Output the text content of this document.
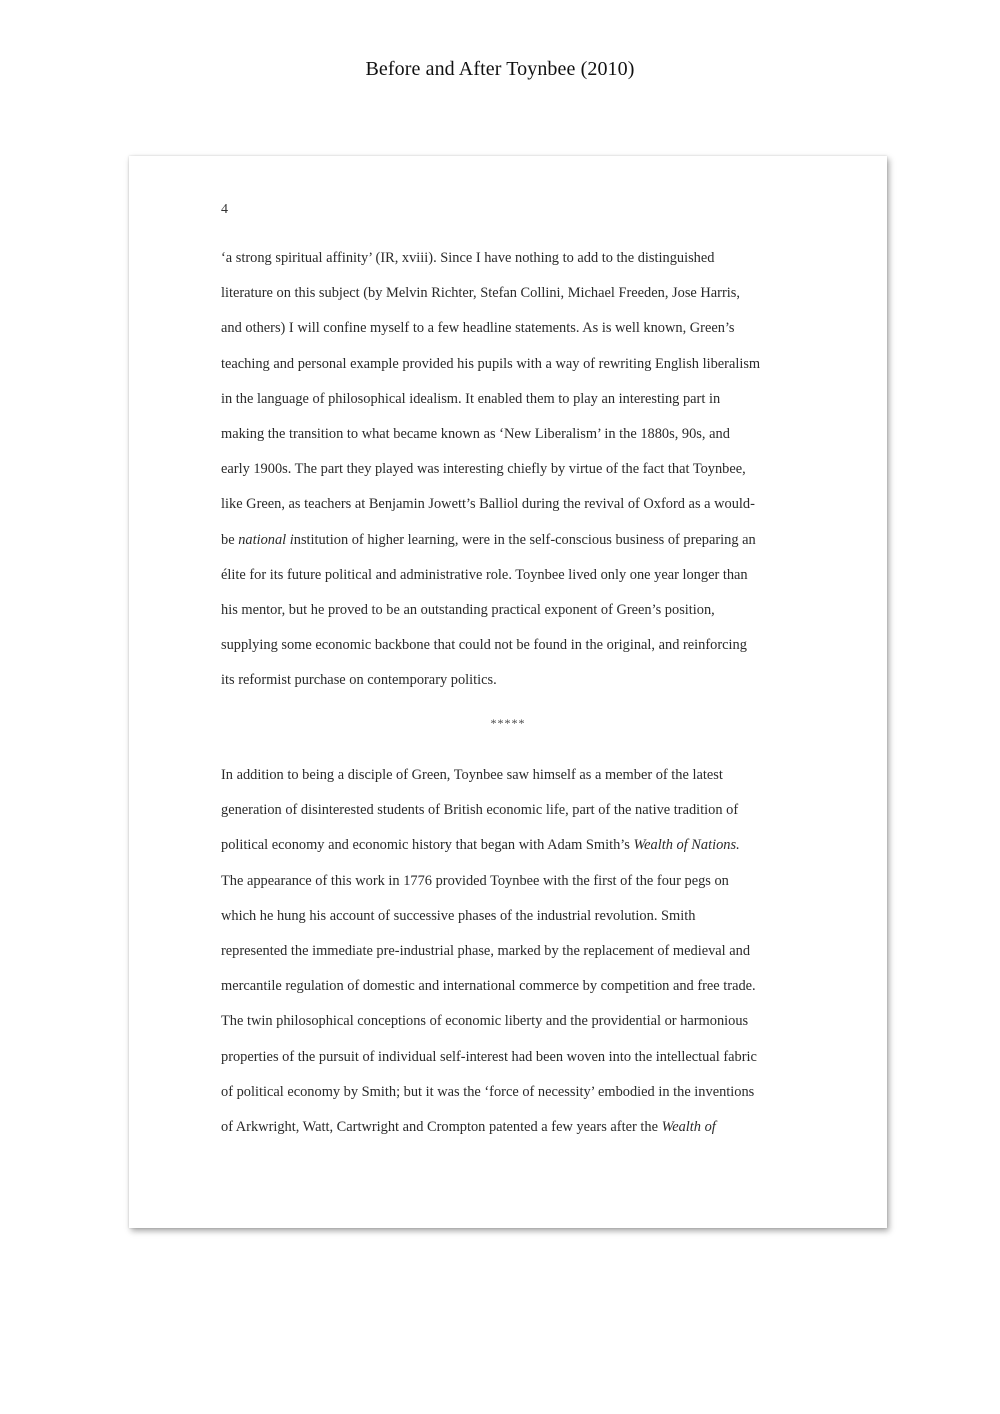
Before and After Toynbee (2010)
4
‘a strong spiritual affinity’ (IR, xviii). Since I have nothing to add to the distinguished
literature on this subject (by Melvin Richter, Stefan Collini, Michael Freeden, Jose Harris,
and others) I will confine myself to a few headline statements. As is well known, Green’s
teaching and personal example provided his pupils with a way of rewriting English liberalism
in the language of philosophical idealism. It enabled them to play an interesting part in
making the transition to what became known as ‘New Liberalism’ in the 1880s, 90s, and
early 1900s. The part they played was interesting chiefly by virtue of the fact that Toynbee,
like Green, as teachers at Benjamin Jowett’s Balliol during the revival of Oxford as a would-
be national institution of higher learning, were in the self-conscious business of preparing an
élite for its future political and administrative role. Toynbee lived only one year longer than
his mentor, but he proved to be an outstanding practical exponent of Green’s position,
supplying some economic backbone that could not be found in the original, and reinforcing
its reformist purchase on contemporary politics.
*****
In addition to being a disciple of Green, Toynbee saw himself as a member of the latest
generation of disinterested students of British economic life, part of the native tradition of
political economy and economic history that began with Adam Smith’s Wealth of Nations.
The appearance of this work in 1776 provided Toynbee with the first of the four pegs on
which he hung his account of successive phases of the industrial revolution. Smith
represented the immediate pre-industrial phase, marked by the replacement of medieval and
mercantile regulation of domestic and international commerce by competition and free trade.
The twin philosophical conceptions of economic liberty and the providential or harmonious
properties of the pursuit of individual self-interest had been woven into the intellectual fabric
of political economy by Smith; but it was the ‘force of necessity’ embodied in the inventions
of Arkwright, Watt, Cartwright and Crompton patented a few years after the Wealth of
